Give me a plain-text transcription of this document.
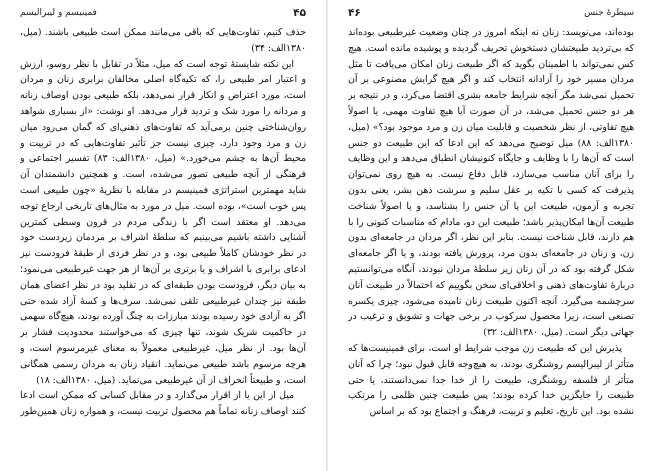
۴۵
فمینیسم و لیبرالیسم

حذف کنیم، تفاوت‌هایی که باقی می‌مانند ممکن است طبیعی باشند. (میل، ۱۳۸۰الف: ۳۴)

این نکته شایستهٔ توجه است که میل، مثلاً در تقابل با نظر روسو، ارزش و اعتبار امر طبیعی را، که تکیه‌گاه اصلی مخالفان برابری زنان و مردان است، مورد اعتراض و انکار قرار نمی‌دهد، بلکه طبیعی بودن اوصاف زنانه و مردانه را مورد شک و تردید قرار می‌دهد. او نوشت: «از بسیاری شواهد روان‌شناختی چنین برمی‌آید که تفاوت‌های ذهنی‌ای که گمان می‌رود میان زن و مرد وجود دارد، چیزی نیست جز تأثیر تفاوت‌هایی که در تربیت و محیط آن‌ها به چشم می‌خورد.» (میل، ۱۳۸۰الف: ۸۳) تفسیر اجتماعی و فرهنگی از آنچه طبیعی تصور می‌شده، است. و همچنین دانشمندان آن شاید مهمترین استراتژی فمینیسم در مقابله با نظریهٔ «چون طبیعی است پس خوب است»، بوده است. میل در مورد به مثال‌های تاریخی ارجاع توجه می‌دهد. او معتقد است اگر با زندگی مردم در قرون وسطی کمترین آشنایی داشته باشیم می‌بینیم که سلطهٔ اشراف بر مردمان زیردست خود در نظر خودشان کاملاً طبیعی بود، و در نظر فردی از طبقهٔ فرودست نیز ادعای برابری با اشراف و یا برتری بر آن‌ها از هر جهت غیرطبیعی می‌نمود؛ به بیان دیگر، فرودست بودن طبقه‌ای که در تقلید بود در نظر اعضای همان طبقه نیز چندان غیرطبیعی تلقی نمی‌شد. سرف‌ها و کسهٔ آزاد شده حتی اگر به آزادی خود رسیده بودند مبارزات به چنگ آورده بودند، هیچ‌گاه سهمی در حاکمیت شریک شوند، تنها چیزی که می‌خواستند محدودیت فشار بر آن‌ها بود. از نظر میل، غیرطبیعی معمولاً به معنای غیرمرسوم است، و هرچه مرسوم باشد طبیعی می‌نماید. انقیاد زنان به مردان رسمی همگانی است، و طبیعتاً انحراف از آن غیرطبیعی می‌نماید. (میل، ۱۳۸۰الف: ۱۸)

میل از این یا از اقرار می‌گذارد و در مقابل کسانی که ممکن است ادعا کنند اوصاف زنانه تماماً هم محصول تربیت نیست، و همواره زنان همین‌طور

سیطرهٔ جنس
۴۶

بوده‌اند، می‌نویسد: زنان نه اینکه امروز در چنان وضعیت غیرطبیعی بوده‌اند که بی‌تردید طبیعتشان دستخوش تحریف گردیده و پوشیده مانده است. هیچ کس نمی‌تواند با اطمینان بگوید که اگر طبیعت زنان امکان می‌یافت تا مثل مردان مسیر خود را آزادانه انتخاب کند و اگر هیچ گرایش مصنوعی بر آن تحمیل نمی‌شد مگر آنچه شرایط جامعه بشری اقتضا می‌کرد، و در نتیجه بر هر دو جنس تحمیل می‌شد، در آن صورت آیا هیچ تفاوت مهمی، یا اصولاً هیچ تفاوتی، از نظر شخصیت و قابلیت میان زن و مرد موجود بود؟» (میل، ۱۳۸۰الف: ۸۸) میل توضیح می‌دهد که این ادعا که این طبیعت دو جنس است که آن‌ها را با وظایف و جایگاه کنونیشان انطباق می‌دهد و این وظایف را برای آنان مناسب می‌سازد، قابل دفاع نیست. به هیچ روی نمی‌توان پذیرفت که کسی با تکیه بر عقل سلیم و سرشت ذهن بشر، یعنی بدون تجربه و آزمون، طبیعت این یا آن جنس را بشناسد، و یا اصولاً شناخت طبیعت آن‌ها امکان‌پذیر باشد؛ طبیعت این دو، مادام که مناسبات کنونی را با هم دارند، قابل شناخت نیست. بنابر این نظر، اگر مردان در جامعه‌ای بدون زن، و زنان در جامعه‌ای بدون مرد، پرورش یافته بودند، و یا اگر جامعه‌ای شکل گرفته بود که در آن زنان زیر سلطهٔ مردان نبودند، آنگاه می‌توانستیم دربارهٔ تفاوت‌های ذهنی و اخلاقی‌ای سخن بگوییم که احتمالاً در طبیعت آنان سرچشمه می‌گیرد. آنچه اکنون طبیعت زنان نامیده می‌شود، چیزی یکسره تصنعی است، زیرا محصول سرکوب در برخی جهات و تشویق و ترغیب در جهاتی دیگر است. (میل، ۱۳۸۰الف: ۳۲)

پذیرش این که طبیعت زن موجب شرایط او است، برای فمینیست‌ها که متأثر از لیبرالیسم روشنگری بودند، به هیچ‌وجه قابل قبول نبود؛ چرا که آنان متأثر از فلسفه روشنگری، طبیعت را از خدا جدا نمی‌دانستند، یا حتی طبیعت را جایگزین خدا کرده بودند؛ پس طبیعت چنین ظلمی را مرتکب نشده بود. این تاریخ، تعلیم و تربیت، فرهنگ و اجتماع بود که بر اساس
